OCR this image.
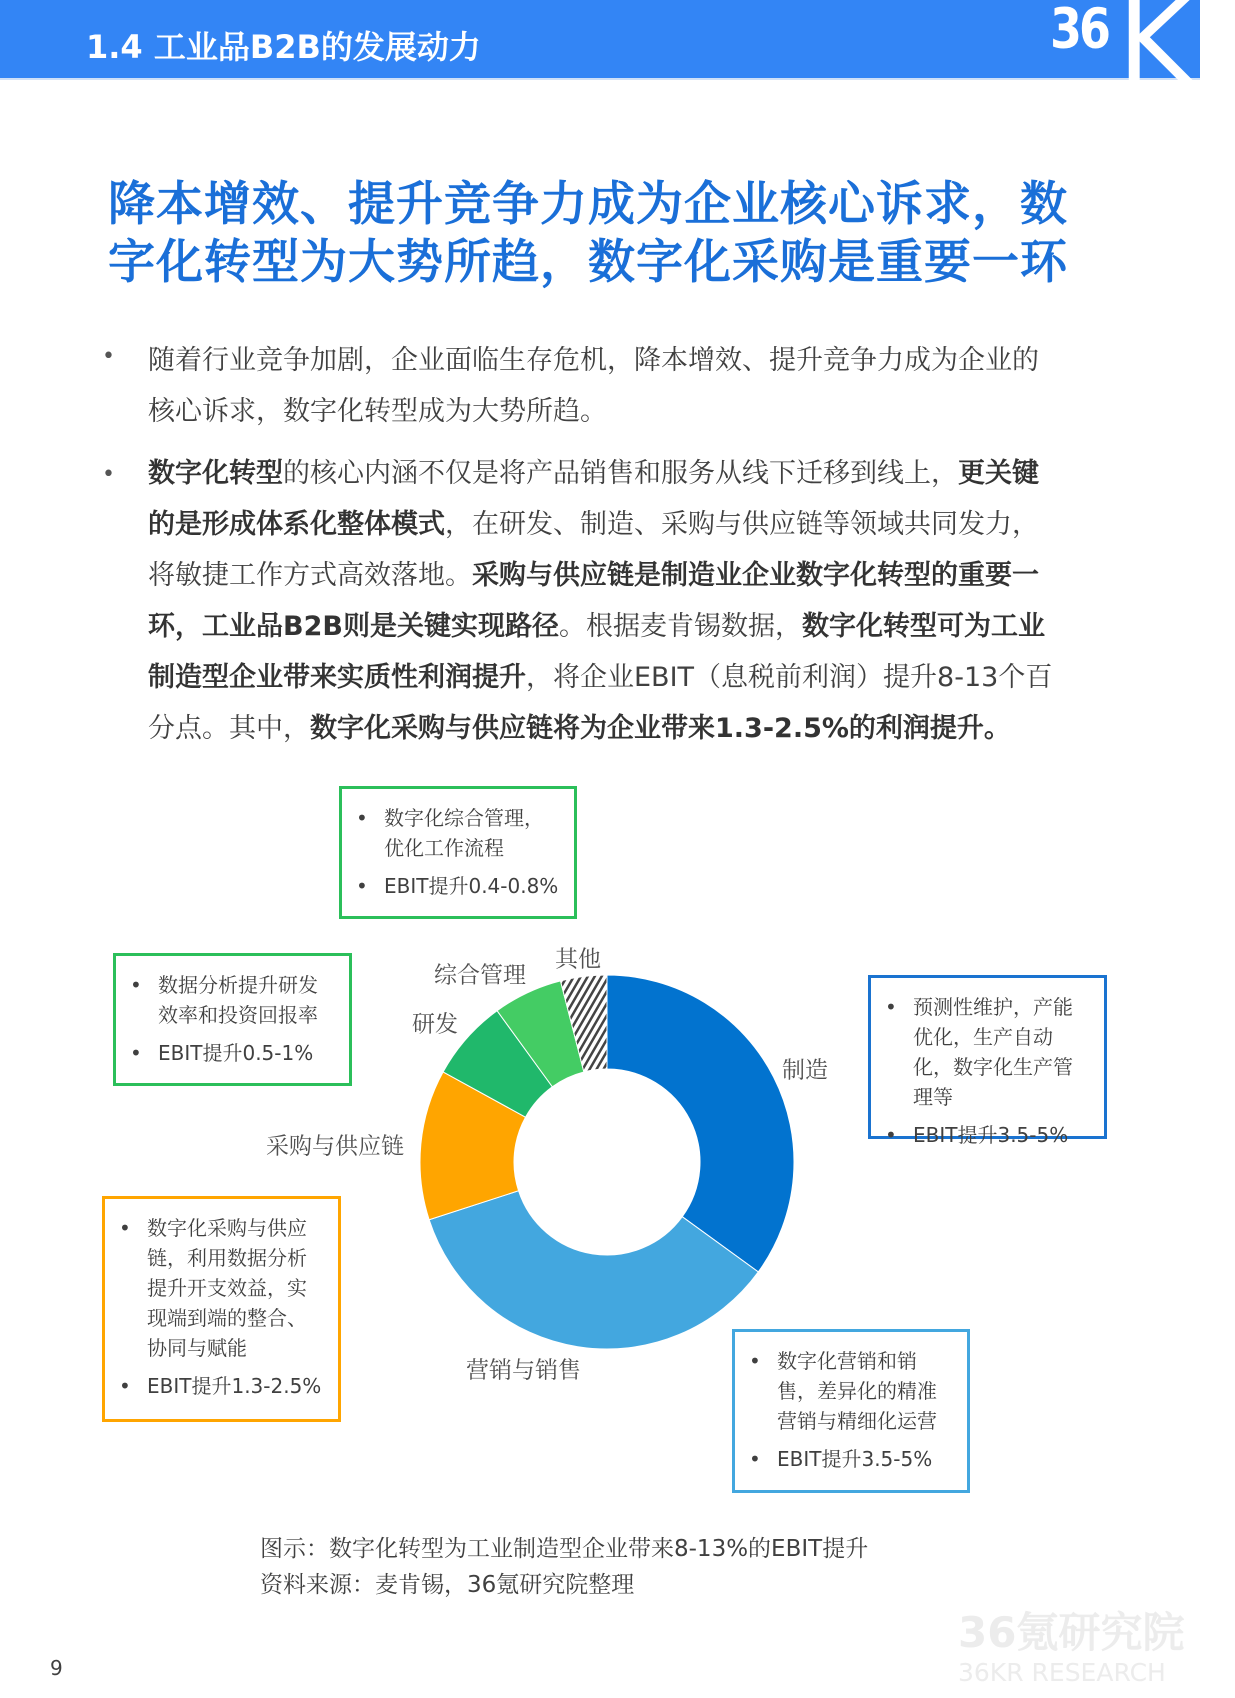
1.4 工业品B2B的发展动力	36 Kr
降本增效、提升竞争力成为企业核心诉求，数
字化转型为大势所趋，数字化采购是重要一环
• 随着行业竞争加剧，企业面临生存危机，降本增效、提升竞争力成为企业的
核心诉求，数字化转型成为大势所趋。
• 数字化转型的核心内涵不仅是将产品销售和服务从线下迁移到线上，更关键
的是形成体系化整体模式，在研发、制造、采购与供应链等领域共同发力，
将敏捷工作方式高效落地。采购与供应链是制造业企业数字化转型的重要一
环，工业品B2B则是关键实现路径。根据麦肯锡数据，数字化转型可为工业
制造型企业带来实质性利润提升，将企业EBIT（息税前利润）提升8-13个百
分点。其中，数字化采购与供应链将为企业带来1.3-2.5%的利润提升。
制造
营销与销售
采购与供应链
研发
综合管理
其他
• 数字化综合管理，优化工作流程
• EBIT提升0.4-0.8%
• 数据分析提升研发效率和投资回报率
• EBIT提升0.5-1%
• 预测性维护，产能优化，生产自动化，数字化生产管理等
• EBIT提升3.5-5%
• 数字化采购与供应链，利用数据分析提升开支效益，实现端到端的整合、协同与赋能
• EBIT提升1.3-2.5%
• 数字化营销和销售，差异化的精准营销与精细化运营
• EBIT提升3.5-5%
图示：数字化转型为工业制造型企业带来8-13%的EBIT提升
资料来源：麦肯锡，36氪研究院整理
9
36氪研究院
36KR RESEARCH
